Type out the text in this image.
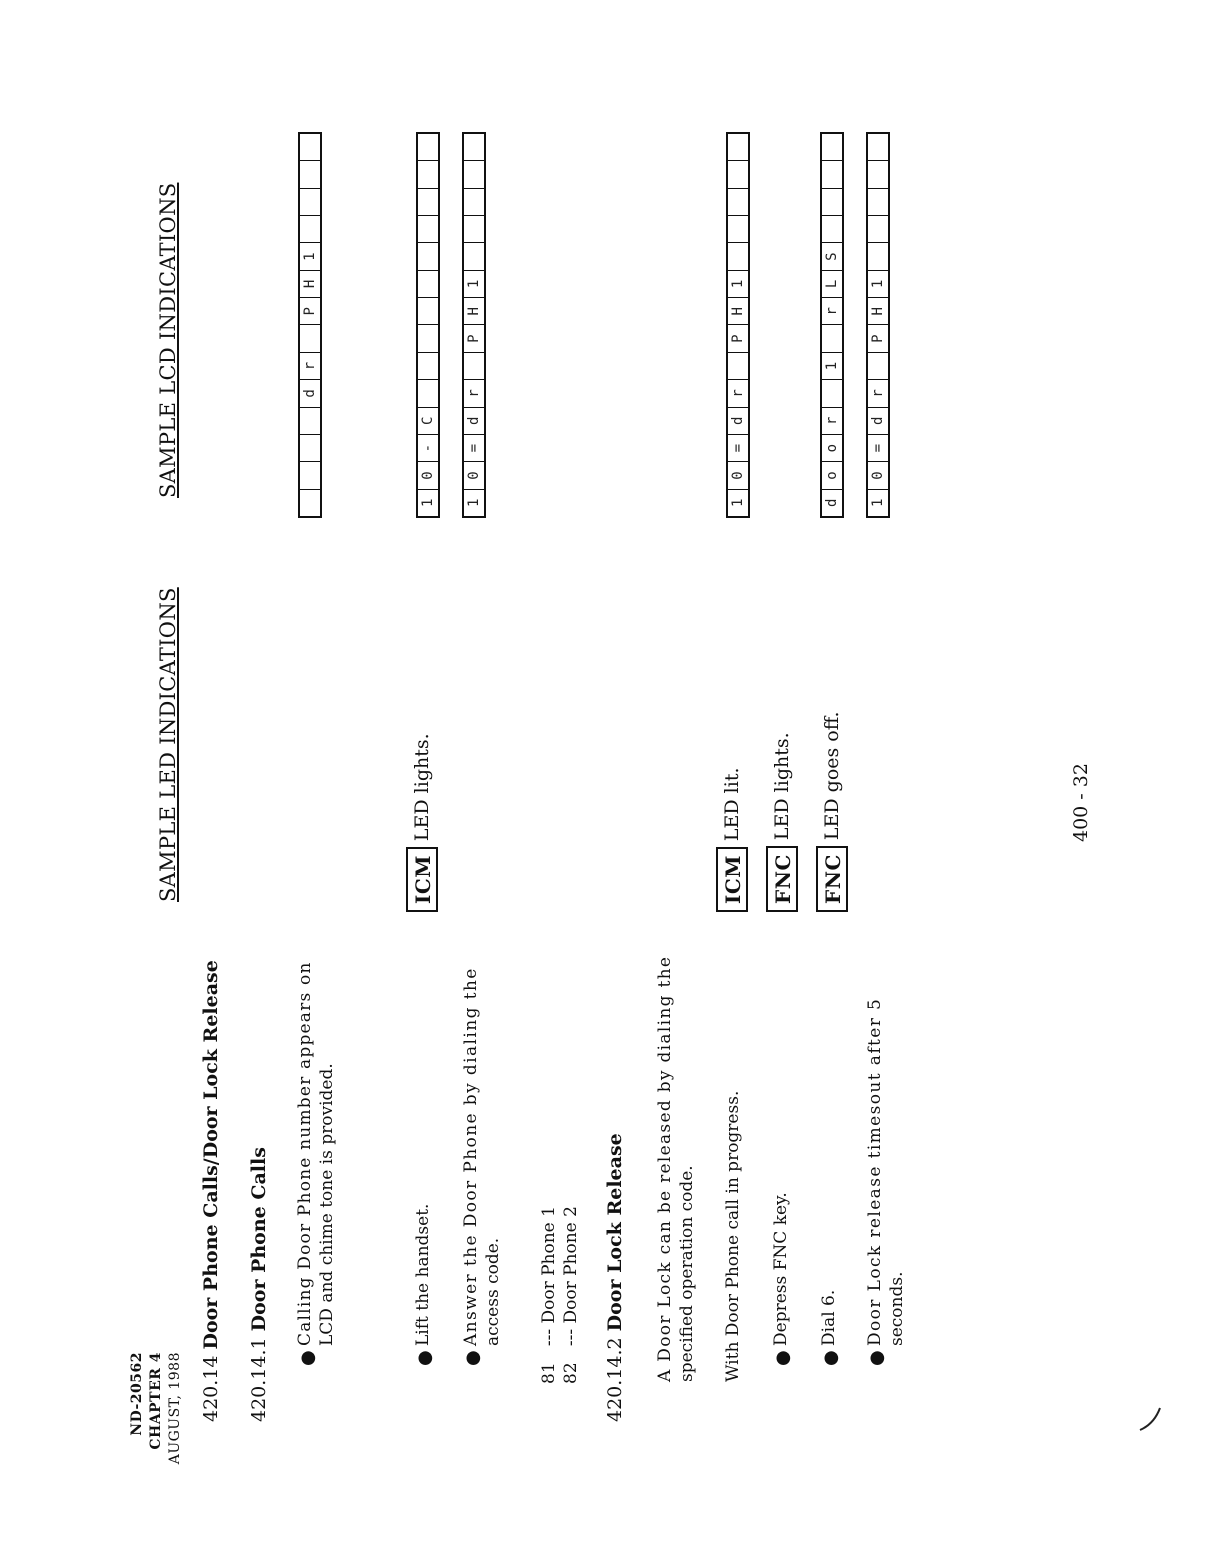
ND-20562 CHAPTER 4 AUGUST, 1988
SAMPLE LED INDICATIONS
SAMPLE LCD INDICATIONS
420.14Door Phone Calls/Door Lock Release
420.14.1 Door Phone Calls
●
Calling Door Phone number appears on LCD and chime tone is provided.
●
Lift the handset.
●
Answer the Door Phone by dialing the access code. 81   --- Door Phone 1 82   --- Door Phone 2 420.14.2 Door Lock Release A Door Lock can be released by dialing the specified operation code. With Door Phone call in progress. ●
Depress FNC key.
●
Dial 6.
●
Door Lock release timesout after 5 seconds.
ICM
LED lights.
ICM
LED lit.
FNC
LED lights.
FNC
LED goes off.
d
r
P
H
1
1
0
-
C
1
0
=
d
r
P
H
1
1
0
=
d
r
P
H
1
d
o
o
r
1
r
L
S
1
0
=
d
r
P
H
1
400 - 32
